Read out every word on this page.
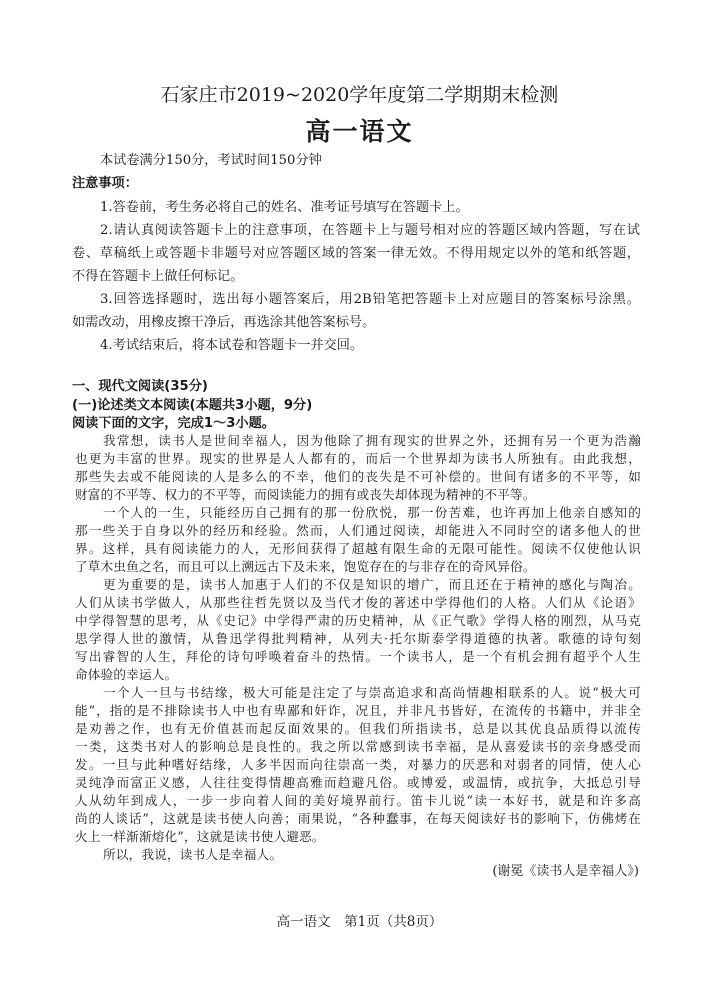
石家庄市2019~2020学年度第二学期期末检测
高一语文
本试卷满分150分，考试时间150分钟
注意事项：
1.答卷前，考生务必将自己的姓名、准考证号填写在答题卡上。
2.请认真阅读答题卡上的注意事项，在答题卡上与题号相对应的答题区域内答题，写在试
卷、草稿纸上或答题卡非题号对应答题区域的答案一律无效。不得用规定以外的笔和纸答题，
不得在答题卡上做任何标记。
3.回答选择题时，选出每小题答案后，用2B铅笔把答题卡上对应题目的答案标号涂黑。
如需改动，用橡皮擦干净后，再选涂其他答案标号。
4.考试结束后，将本试卷和答题卡一并交回。
一、现代文阅读(35分)
(一)论述类文本阅读(本题共3小题，9分)
阅读下面的文字，完成1～3小题。
我常想，读书人是世间幸福人，因为他除了拥有现实的世界之外，还拥有另一个更为浩瀚
也更为丰富的世界。现实的世界是人人都有的，而后一个世界却为读书人所独有。由此我想，
那些失去或不能阅读的人是多么的不幸，他们的丧失是不可补偿的。世间有诸多的不平等，如
财富的不平等、权力的不平等，而阅读能力的拥有或丧失却体现为精神的不平等。
一个人的一生，只能经历自己拥有的那一份欣悦，那一份苦难，也许再加上他亲自感知的
那一些关于自身以外的经历和经验。然而，人们通过阅读，却能进入不同时空的诸多他人的世
界。这样，具有阅读能力的人，无形间获得了超越有限生命的无限可能性。阅读不仅使他认识
了草木虫鱼之名，而且可以上溯远古下及未来，饱览存在的与非存在的奇风异俗。
更为重要的是，读书人加惠于人们的不仅是知识的增广，而且还在于精神的感化与陶冶。
人们从读书学做人，从那些往哲先贤以及当代才俊的著述中学得他们的人格。人们从《论语》
中学得智慧的思考，从《史记》中学得严肃的历史精神，从《正气歌》学得人格的刚烈，从马克
思学得人世的激情，从鲁迅学得批判精神，从列夫·托尔斯泰学得道德的执著。歌德的诗句刻
写出睿智的人生，拜伦的诗句呼唤着奋斗的热情。一个读书人，是一个有机会拥有超乎个人生
命体验的幸运人。
一个人一旦与书结缘，极大可能是注定了与崇高追求和高尚情趣相联系的人。说“极大可
能”，指的是不排除读书人中也有卑鄙和奸诈，况且，并非凡书皆好，在流传的书籍中，并非全
是劝善之作，也有无价值甚而起反面效果的。但我们所指读书，总是以其优良品质得以流传
一类，这类书对人的影响总是良性的。我之所以常感到读书幸福，是从喜爱读书的亲身感受而
发。一旦与此种嗜好结缘，人多半因而向往崇高一类，对暴力的厌恶和对弱者的同情，使人心
灵纯净而富正义感，人往往变得情趣高雅而趋避凡俗。或博爱，或温情，或抗争，大抵总引导
人从幼年到成人，一步一步向着人间的美好境界前行。笛卡儿说“读一本好书，就是和许多高
尚的人谈话”，这就是读书使人向善；雨果说，“各种蠢事，在每天阅读好书的影响下，仿佛烤在
火上一样渐渐熔化”，这就是读书使人避恶。
所以，我说，读书人是幸福人。
(谢冕《读书人是幸福人》)
高一语文　第1页（共8页）
